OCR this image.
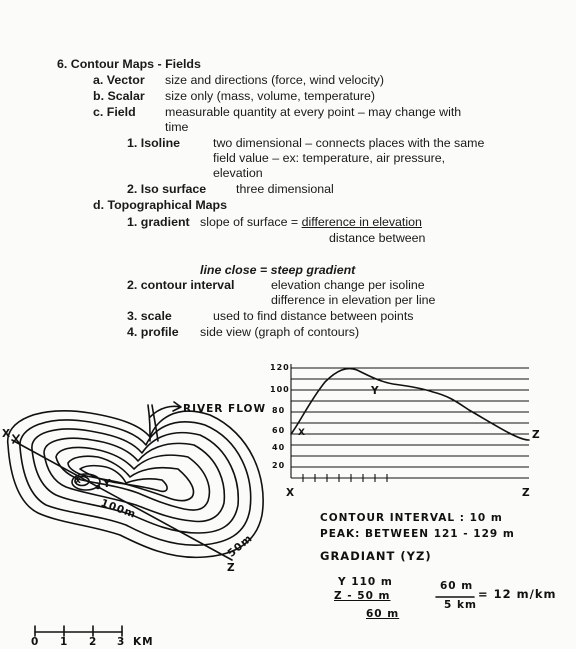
6. Contour Maps - Fields
a. Vector size and directions (force, wind velocity)
b. Scalar size only (mass, volume, temperature)
c. Field measurable quantity at every point – may change with
time
1. Isoline	two dimensional – connects places with the same
field value – ex: temperature, air pressure,
elevation
2. Iso surface three dimensional
d. Topographical Maps
1. gradient slope of surface = difference in elevation
distance between
line close = steep gradient
2. contour interval	elevation change per isoline
difference in elevation per line
3. scale	used to find distance between points
4. profile side view (graph of contours)
RIVER FLOW
X
Y
Z
x
100m
50m
0 1 2 3 KM
120
100
80
60
40
20
Y
X	Z
X	Z
CONTOUR INTERVAL : 10 m
PEAK: BETWEEN 121 - 129 m
GRADIANT (YZ)
Y 110 m
Z - 50 m
60 m
60 m
5 km
= 12 m/km
